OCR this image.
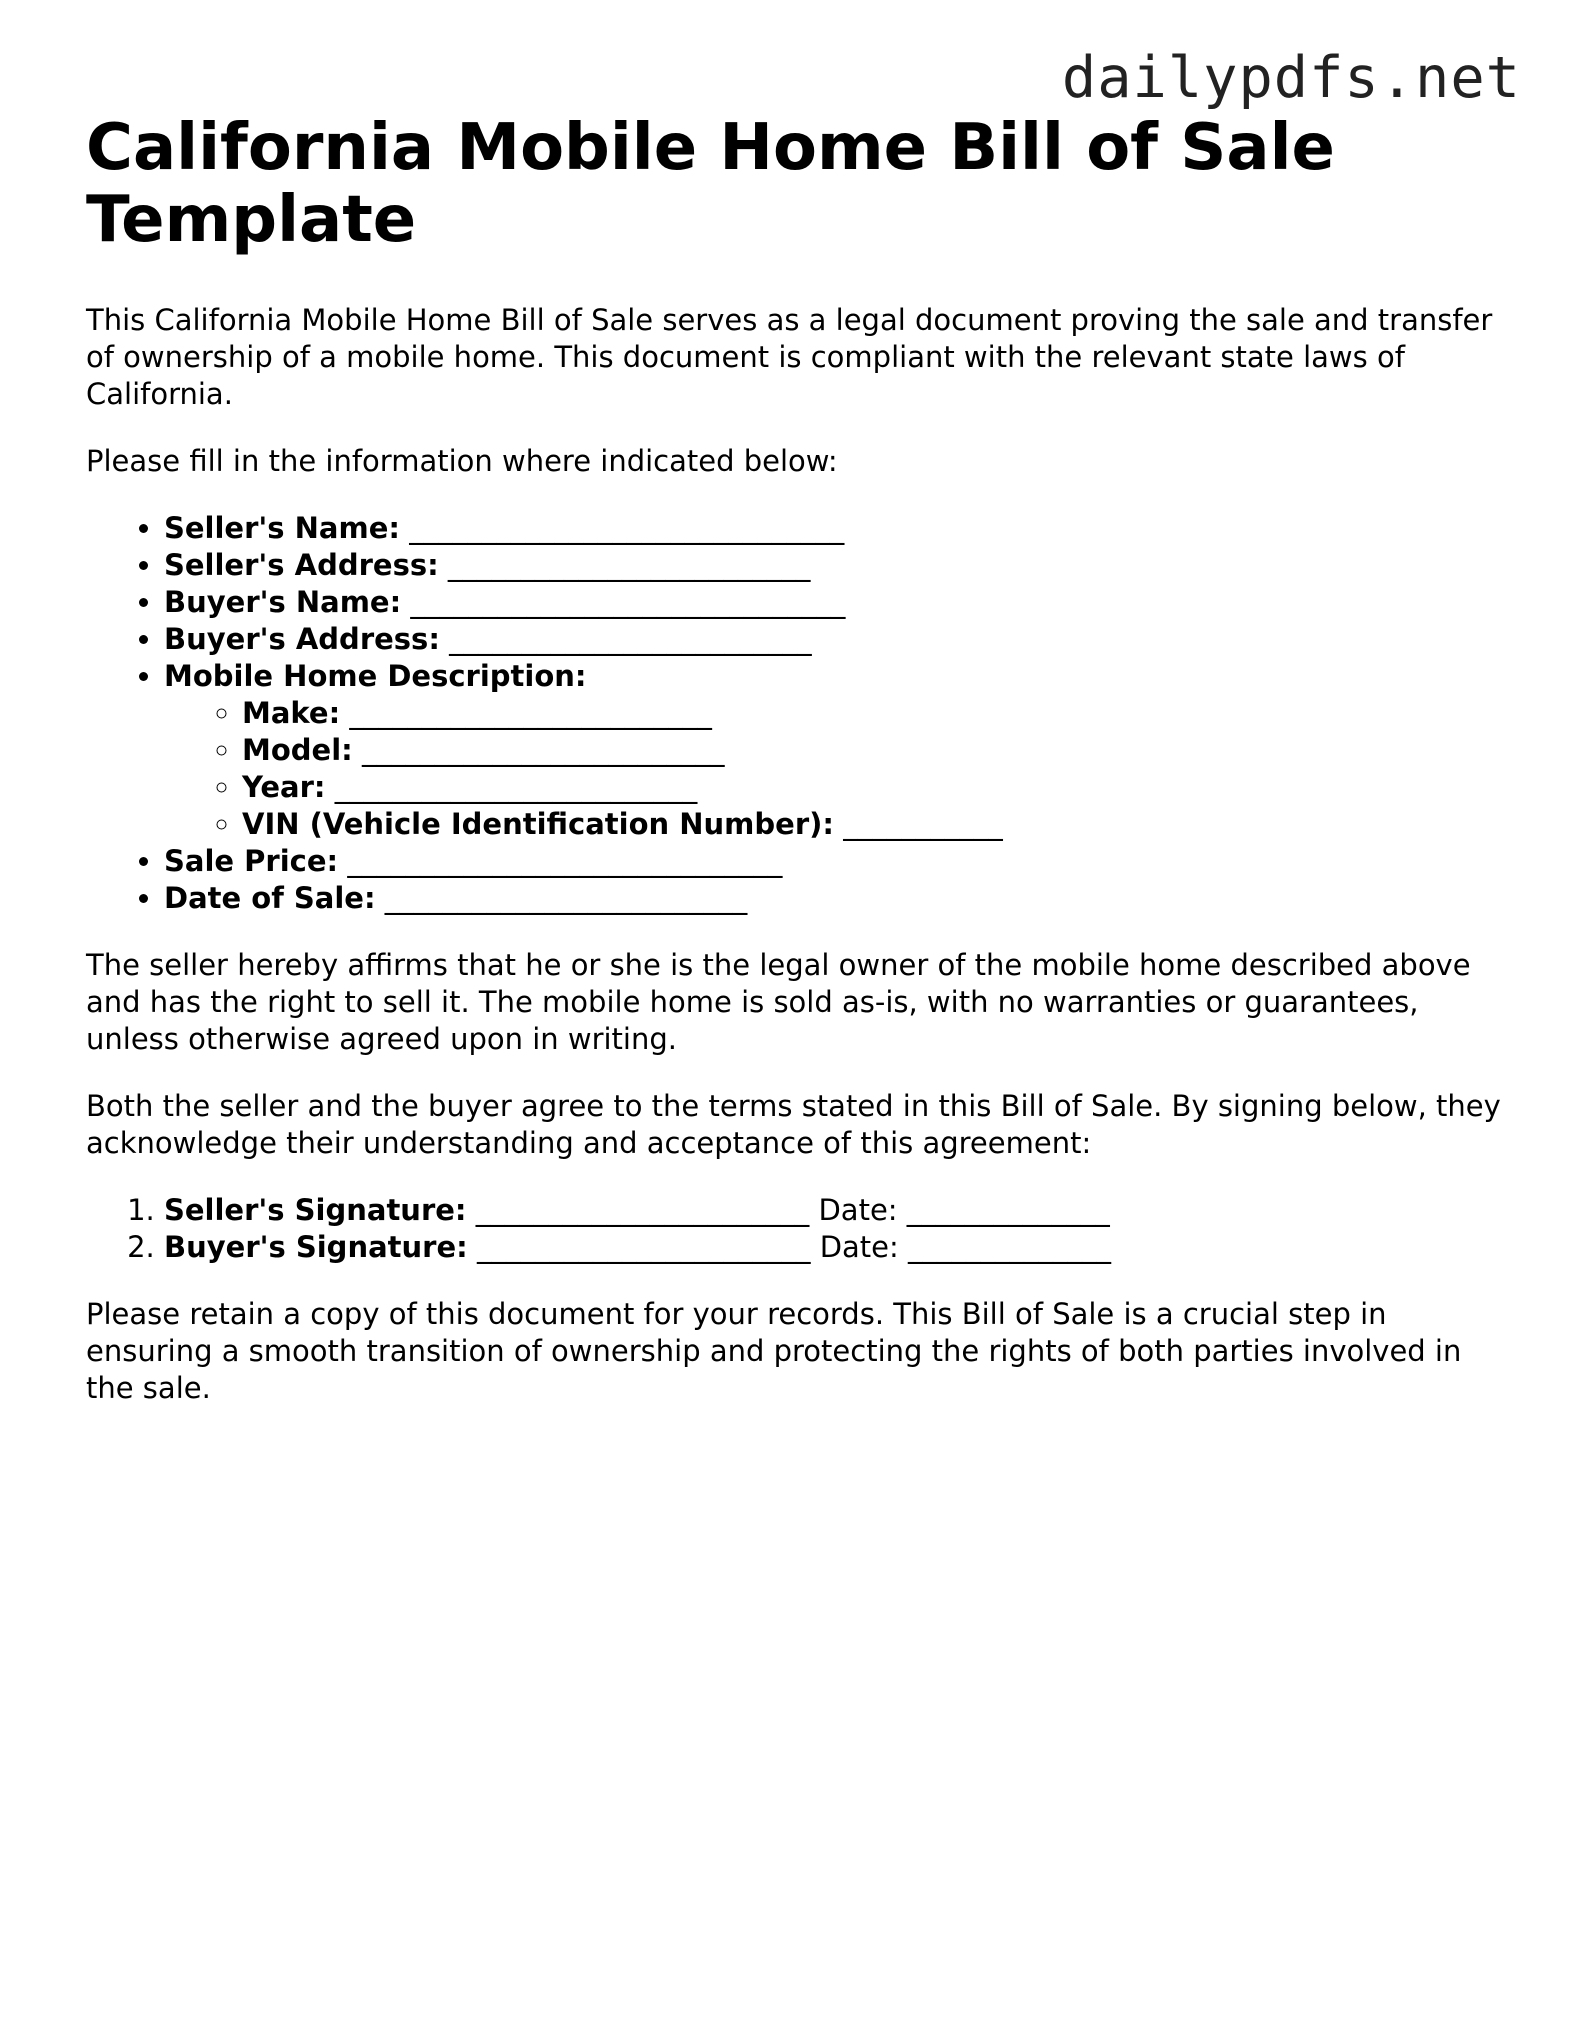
dailypdfs.net
California Mobile Home Bill of Sale Template

This California Mobile Home Bill of Sale serves as a legal document proving the sale and transfer of ownership of a mobile home. This document is compliant with the relevant state laws of California.

Please fill in the information where indicated below:

• Seller's Name: ______________________________
• Seller's Address: _________________________
• Buyer's Name: ______________________________
• Buyer's Address: _________________________
• Mobile Home Description:
◦ Make: _________________________
◦ Model: _________________________
◦ Year: _________________________
◦ VIN (Vehicle Identification Number): ___________
• Sale Price: ______________________________
• Date of Sale: _________________________

The seller hereby affirms that he or she is the legal owner of the mobile home described above and has the right to sell it. The mobile home is sold as-is, with no warranties or guarantees, unless otherwise agreed upon in writing.

Both the seller and the buyer agree to the terms stated in this Bill of Sale. By signing below, they acknowledge their understanding and acceptance of this agreement:

1. Seller's Signature: _______________________ Date: ______________
2. Buyer's Signature: _______________________ Date: ______________

Please retain a copy of this document for your records. This Bill of Sale is a crucial step in ensuring a smooth transition of ownership and protecting the rights of both parties involved in the sale.
